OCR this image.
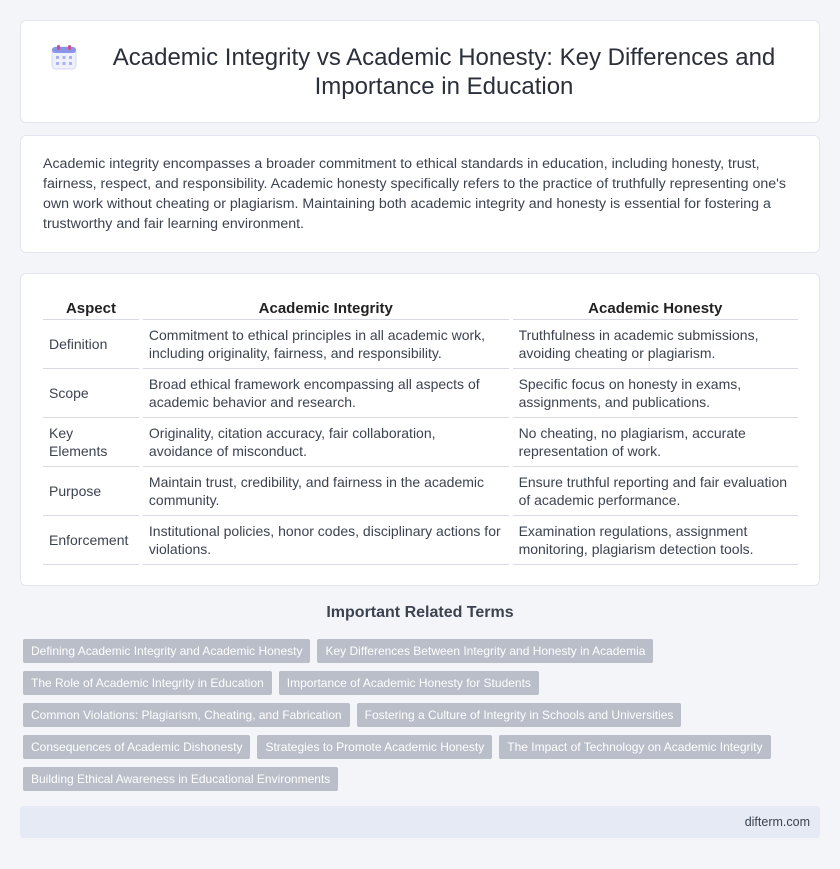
Academic Integrity vs Academic Honesty: Key Differences and Importance in Education

Academic integrity encompasses a broader commitment to ethical standards in education, including honesty, trust, fairness, respect, and responsibility. Academic honesty specifically refers to the practice of truthfully representing one's own work without cheating or plagiarism. Maintaining both academic integrity and honesty is essential for fostering a trustworthy and fair learning environment.

Aspect		Academic Integrity		Academic Honesty
Definition		Commitment to ethical principles in all academic work, including originality, fairness, and responsibility.		Truthfulness in academic submissions, avoiding cheating or plagiarism.
Scope		Broad ethical framework encompassing all aspects of academic behavior and research.		Specific focus on honesty in exams, assignments, and publications.
Key Elements		Originality, citation accuracy, fair collaboration, avoidance of misconduct.		No cheating, no plagiarism, accurate representation of work.
Purpose		Maintain trust, credibility, and fairness in the academic community.		Ensure truthful reporting and fair evaluation of academic performance.
Enforcement		Institutional policies, honor codes, disciplinary actions for violations.		Examination regulations, assignment monitoring, plagiarism detection tools.
Important Related Terms
Defining Academic Integrity and Academic Honesty	Key Differences Between Integrity and Honesty in Academia
The Role of Academic Integrity in Education	Importance of Academic Honesty for Students
Common Violations: Plagiarism, Cheating, and Fabrication	Fostering a Culture of Integrity in Schools and Universities
Consequences of Academic Dishonesty	Strategies to Promote Academic Honesty	The Impact of Technology on Academic Integrity
Building Ethical Awareness in Educational Environments
difterm.com
